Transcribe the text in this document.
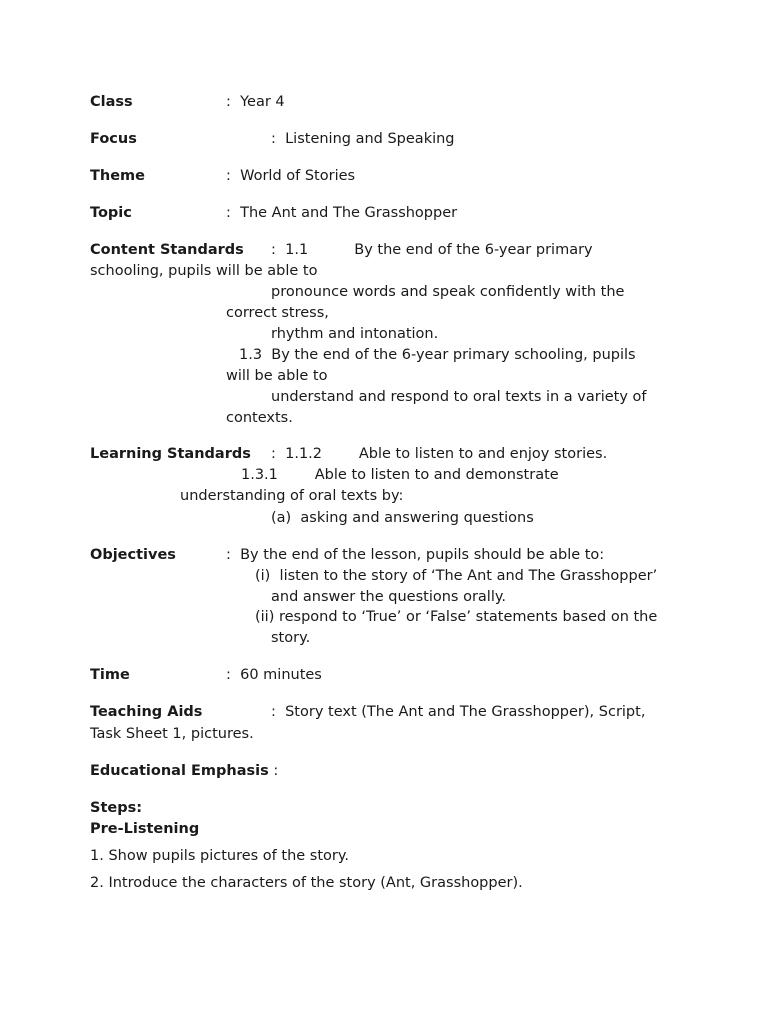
Class	:  Year 4
Focus	:  Listening and Speaking
Theme	:  World of Stories
Topic	:  The Ant and The Grasshopper
Content Standards :  1.1          By the end of the 6-year primary
schooling, pupils will be able to
pronounce words and speak confidently with the
correct stress,
rhythm and intonation.
1.3  By the end of the 6-year primary schooling, pupils
will be able to
understand and respond to oral texts in a variety of
contexts.
Learning Standards :  1.1.2        Able to listen to and enjoy stories.
1.3.1        Able to listen to and demonstrate
understanding of oral texts by:
(a)  asking and answering questions
Objectives	:  By the end of the lesson, pupils should be able to:
(i)  listen to the story of ‘The Ant and The Grasshopper’
and answer the questions orally.
(ii) respond to ‘True’ or ‘False’ statements based on the
story.
Time	:  60 minutes
Teaching Aids	:  Story text (The Ant and The Grasshopper), Script,
Task Sheet 1, pictures.
Educational Emphasis :
Steps:
Pre-Listening
1. Show pupils pictures of the story.
2. Introduce the characters of the story (Ant, Grasshopper).
